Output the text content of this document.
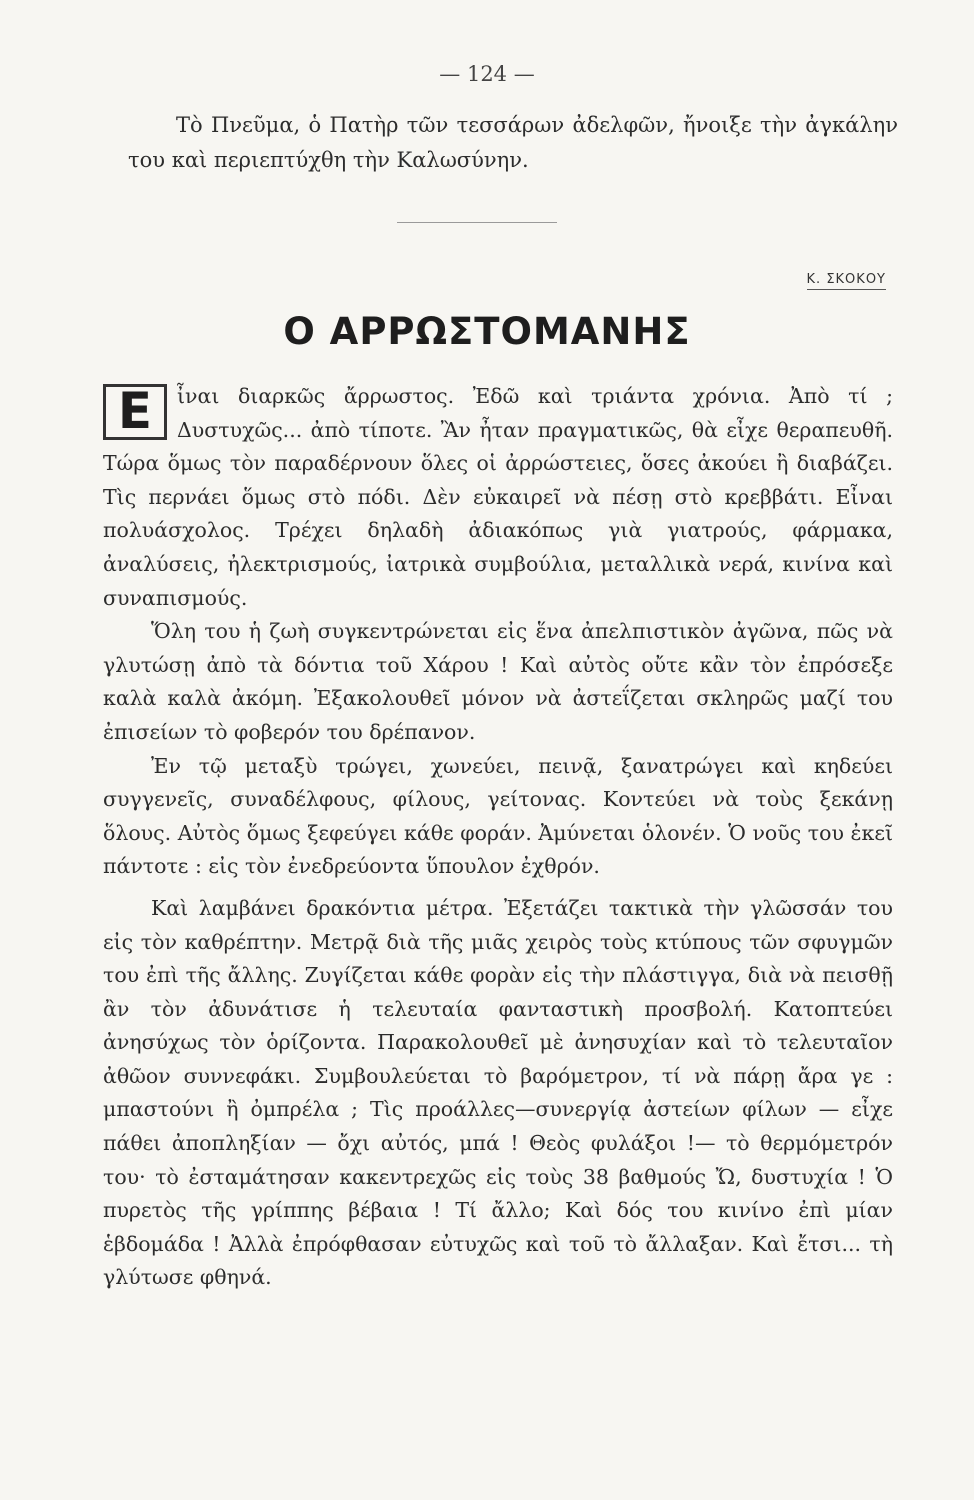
— 124 —

Τὸ Πνεῦμα, ὁ Πατὴρ τῶν τεσσάρων ἀδελφῶν, ἤνοιξε τὴν ἀγκάλην του καὶ περιεπτύχθη τὴν Καλωσύνην.

Κ. ΣΚΟΚΟΥ
Ο ΑΡΡΩΣΤΟΜΑΝΗΣ

Ε	ἶναι διαρκῶς ἄρρωστος. Ἐδῶ καὶ τριάντα χρόνια. Ἀπὸ τί ; Δυστυχῶς... ἀπὸ τίποτε. Ἂν ἦταν πραγματικῶς, θὰ εἶχε θεραπευθῆ. Τώρα ὅμως τὸν παραδέρνουν ὅλες οἱ ἀρρώστειες, ὅσες ἀκούει ἢ διαβάζει. Τὶς περνάει ὅμως στὸ πόδι. Δὲν εὐκαιρεῖ νὰ πέσῃ στὸ κρεββάτι. Εἶναι πολυάσχολος. Τρέχει δηλαδὴ ἀδιακόπως γιὰ γιατρούς, φάρμακα, ἀναλύσεις, ἠλεκτρισμούς, ἰατρικὰ συμβούλια, μεταλλικὰ νερά, κινίνα καὶ συναπισμούς.

Ὅλη του ἡ ζωὴ συγκεντρώνεται εἰς ἕνα ἀπελπιστικὸν ἀγῶνα, πῶς νὰ γλυτώσῃ ἀπὸ τὰ δόντια τοῦ Χάρου ! Καὶ αὐτὸς οὔτε κἂν τὸν ἐπρόσεξε καλὰ καλὰ ἀκόμη. Ἐξακολουθεῖ μόνον νὰ ἀστεΐζεται σκληρῶς μαζί του ἐπισείων τὸ φοβερόν του δρέπανον.

Ἐν τῷ μεταξὺ τρώγει, χωνεύει, πεινᾷ, ξανατρώγει καὶ κηδεύει συγγενεῖς, συναδέλφους, φίλους, γείτονας. Κοντεύει νὰ τοὺς ξεκάνῃ ὅλους. Αὐτὸς ὅμως ξεφεύγει κάθε φοράν. Ἀμύνεται ὁλονέν. Ὁ νοῦς του ἐκεῖ πάντοτε : εἰς τὸν ἐνεδρεύοντα ὕπουλον ἐχθρόν.

Καὶ λαμβάνει δρακόντια μέτρα. Ἐξετάζει τακτικὰ τὴν γλῶσσάν του εἰς τὸν καθρέπτην. Μετρᾷ διὰ τῆς μιᾶς χειρὸς τοὺς κτύπους τῶν σφυγμῶν του ἐπὶ τῆς ἄλλης. Ζυγίζεται κάθε φορὰν εἰς τὴν πλάστιγγα, διὰ νὰ πεισθῇ ἂν τὸν ἀδυνάτισε ἡ τελευταία φανταστικὴ προσβολή. Κατοπτεύει ἀνησύχως τὸν ὁρίζοντα. Παρακολουθεῖ μὲ ἀνησυχίαν καὶ τὸ τελευταῖον ἀθῶον συννεφάκι. Συμβουλεύεται τὸ βαρόμετρον, τί νὰ πάρῃ ἄρα γε : μπαστούνι ἢ ὀμπρέλα ; Τὶς προάλλες—συνεργίᾳ ἀστείων φίλων — εἶχε πάθει ἀποπληξίαν — ὄχι αὐτός, μπά ! Θεὸς φυλάξοι !— τὸ θερμόμετρόν του· τὸ ἐσταμάτησαν κακεντρεχῶς εἰς τοὺς 38 βαθμούς Ὤ, δυστυχία ! Ὁ πυρετὸς τῆς γρίππης βέβαια ! Τί ἄλλο; Καὶ δός του κινίνο ἐπὶ μίαν ἑβδομάδα ! Ἀλλὰ ἐπρόφθασαν εὐτυχῶς καὶ τοῦ τὸ ἄλλαξαν. Καὶ ἔτσι... τὴ γλύτωσε φθηνά.
